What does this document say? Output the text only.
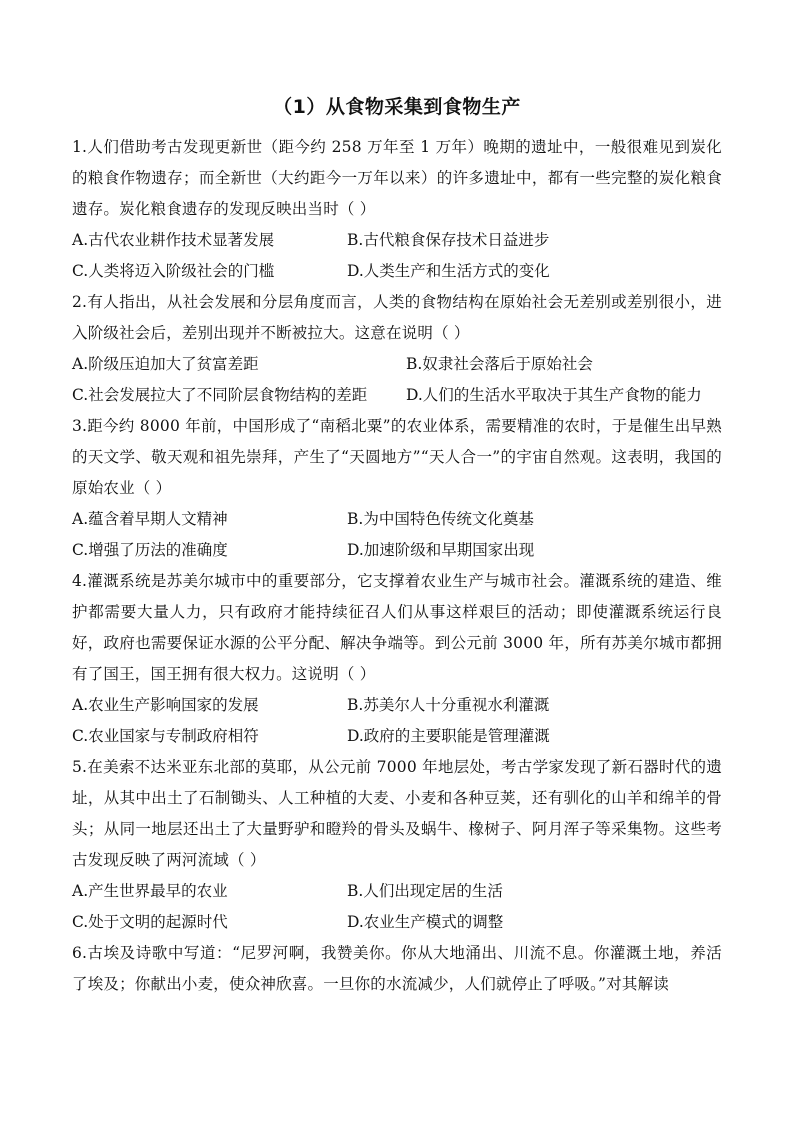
（1）从食物采集到食物生产

1.人们借助考古发现更新世（距今约 258 万年至 1 万年）晚期的遗址中，一般很难见到炭化的粮食作物遗存；而全新世（大约距今一万年以来）的许多遗址中，都有一些完整的炭化粮食遗存。炭化粮食遗存的发现反映出当时（ ）

A.古代农业耕作技术显著发展	B.古代粮食保存技术日益进步
C.人类将迈入阶级社会的门槛	D.人类生产和生活方式的变化

2.有人指出，从社会发展和分层角度而言，人类的食物结构在原始社会无差别或差别很小，进入阶级社会后，差别出现并不断被拉大。这意在说明（ ）

A.阶级压迫加大了贫富差距	B.奴隶社会落后于原始社会
C.社会发展拉大了不同阶层食物结构的差距	D.人们的生活水平取决于其生产食物的能力

3.距今约 8000 年前，中国形成了“南稻北粟”的农业体系，需要精准的农时，于是催生出早熟的天文学、敬天观和祖先崇拜，产生了“天圆地方”“天人合一”的宇宙自然观。这表明，我国的原始农业（ ）

A.蕴含着早期人文精神	B.为中国特色传统文化奠基
C.增强了历法的准确度	D.加速阶级和早期国家出现

4.灌溉系统是苏美尔城市中的重要部分，它支撑着农业生产与城市社会。灌溉系统的建造、维护都需要大量人力，只有政府才能持续征召人们从事这样艰巨的活动；即使灌溉系统运行良好，政府也需要保证水源的公平分配、解决争端等。到公元前 3000 年，所有苏美尔城市都拥有了国王，国王拥有很大权力。这说明（ ）

A.农业生产影响国家的发展	B.苏美尔人十分重视水利灌溉
C.农业国家与专制政府相符	D.政府的主要职能是管理灌溉

5.在美索不达米亚东北部的莫耶，从公元前 7000 年地层处，考古学家发现了新石器时代的遗址，从其中出土了石制锄头、人工种植的大麦、小麦和各种豆荚，还有驯化的山羊和绵羊的骨头；从同一地层还出土了大量野驴和瞪羚的骨头及蜗牛、橡树子、阿月浑子等采集物。这些考古发现反映了两河流域（ ）

A.产生世界最早的农业	B.人们出现定居的生活
C.处于文明的起源时代	D.农业生产模式的调整

6.古埃及诗歌中写道：“尼罗河啊，我赞美你。你从大地涌出、川流不息。你灌溉土地，养活了埃及；你献出小麦，使众神欣喜。一旦你的水流减少，人们就停止了呼吸。”对其解读
